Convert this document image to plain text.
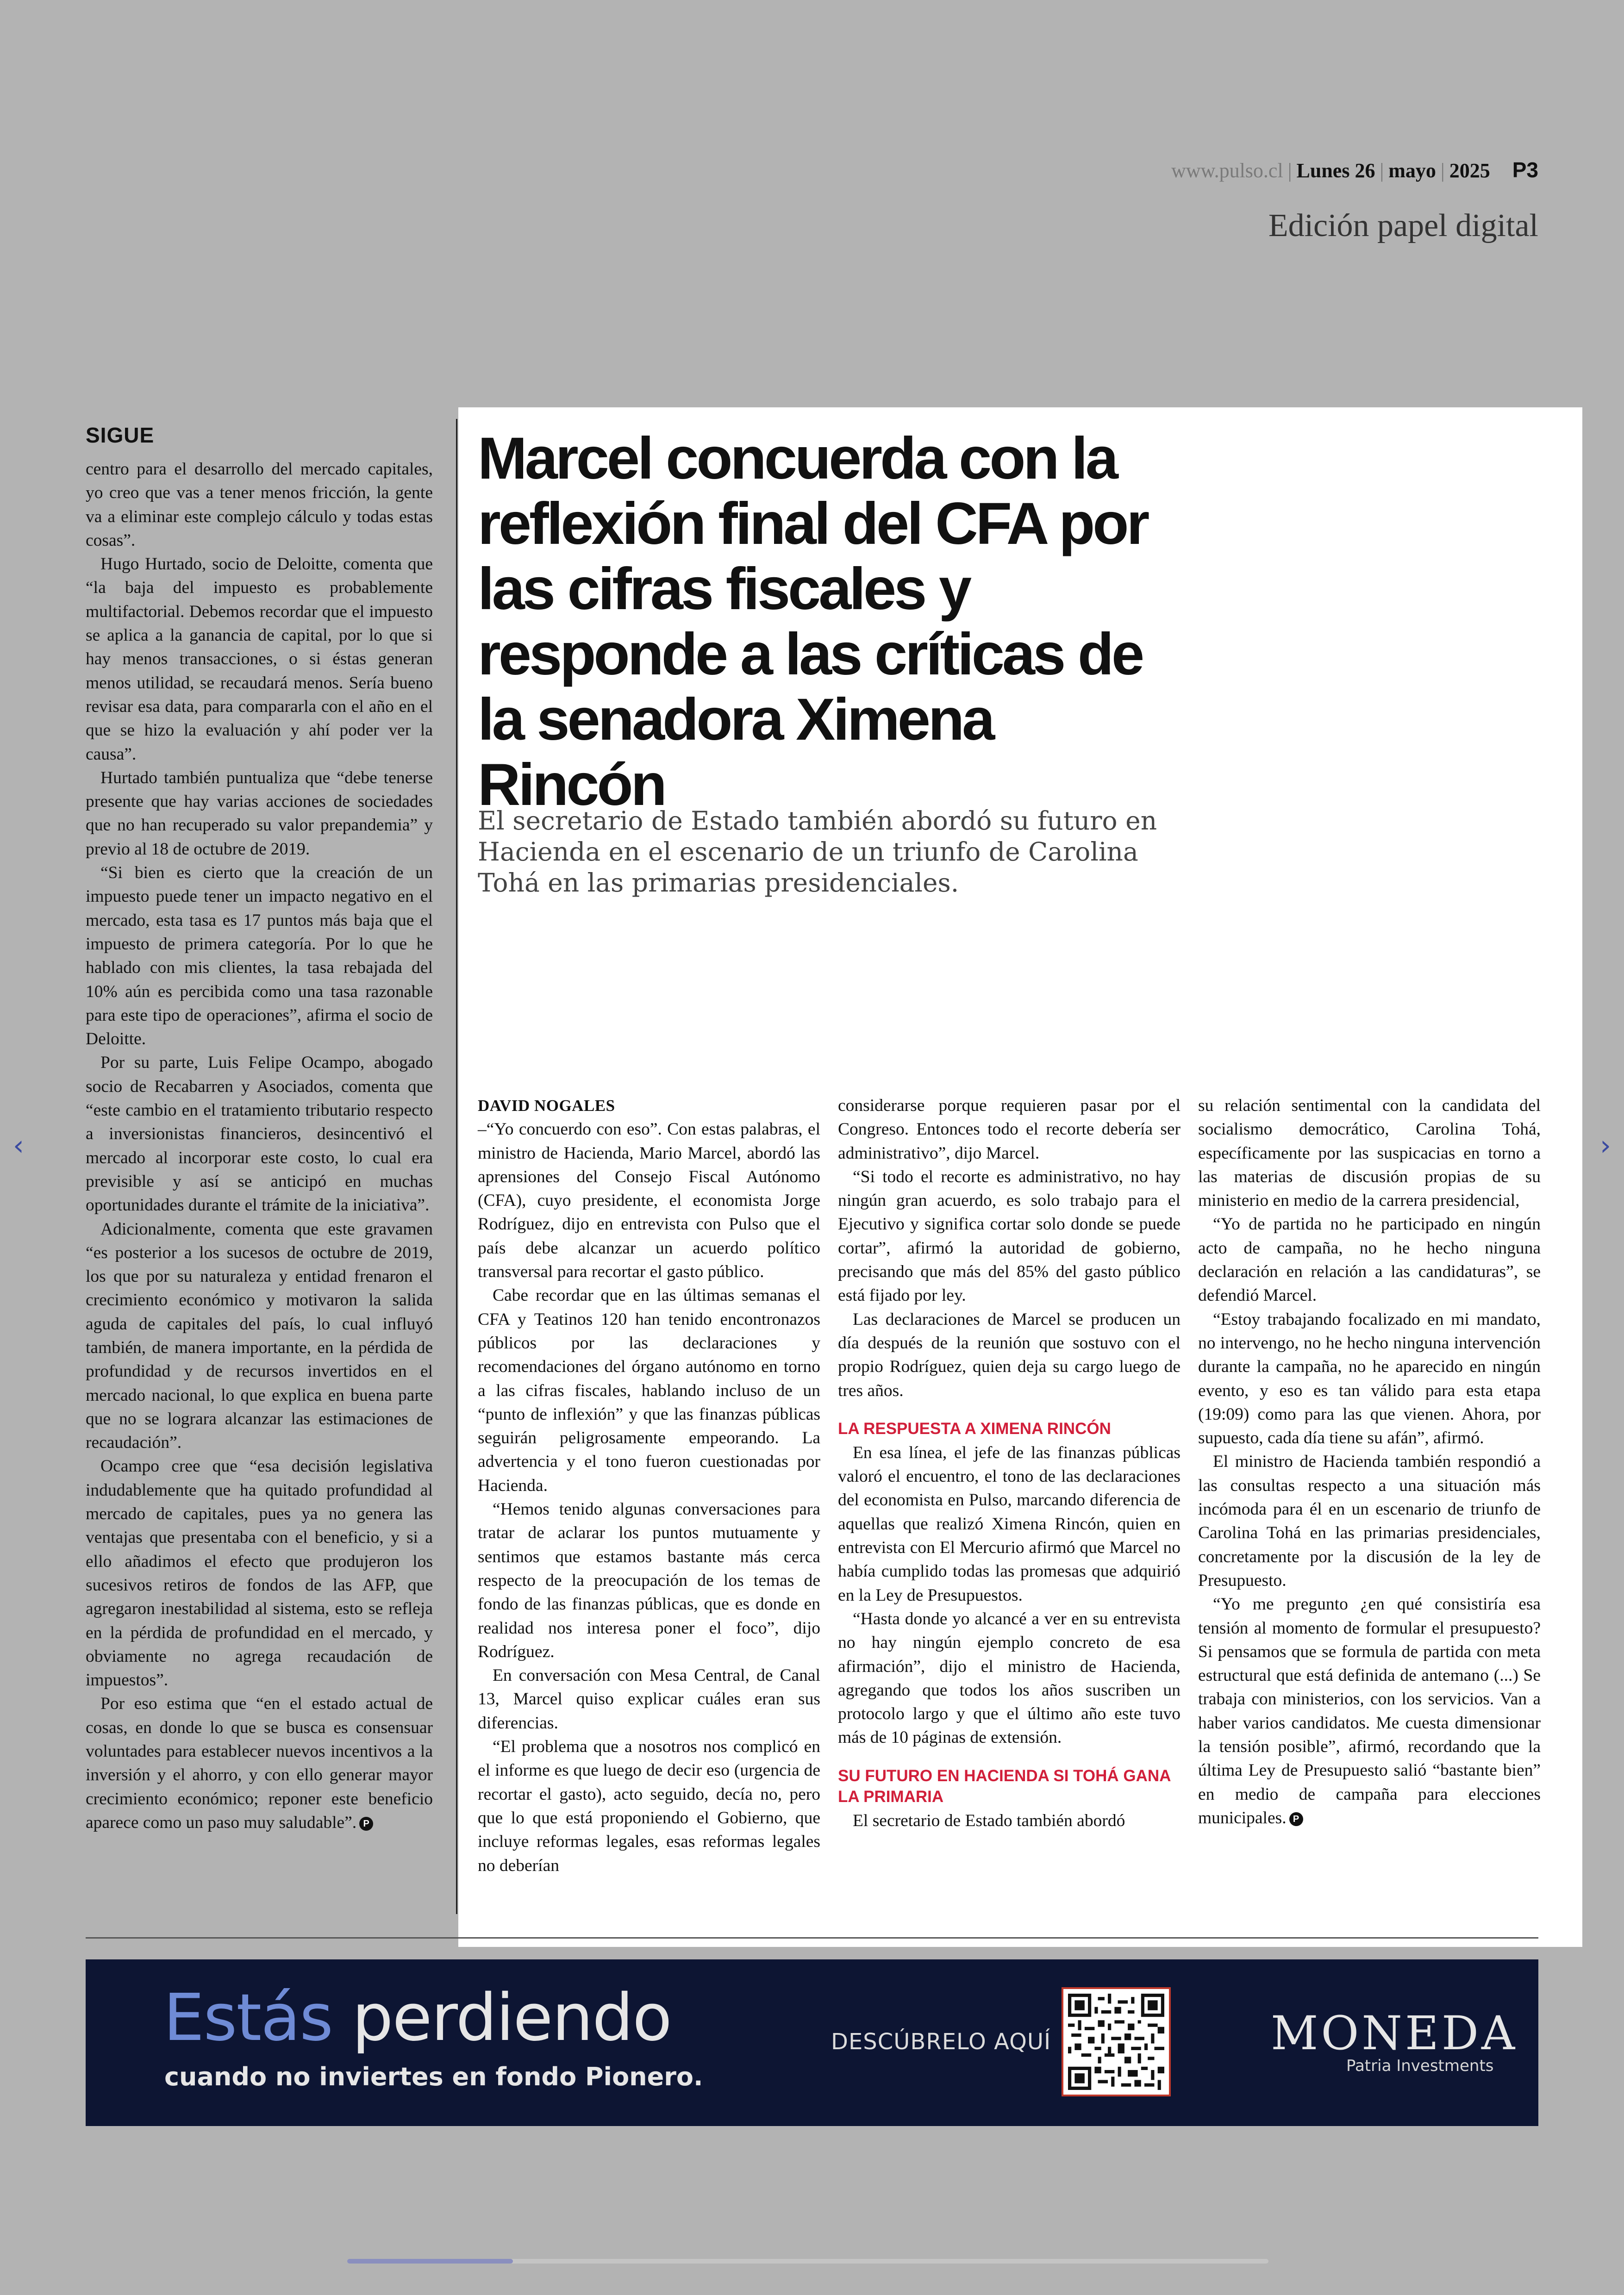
www.pulso.cl | Lunes 26 | mayo | 2025 P3
Edición papel digital
‹	›
SIGUE

centro para el desarrollo del mercado capitales, yo creo que vas a tener menos fricción, la gente va a eliminar este complejo cálculo y todas estas cosas”.

Hugo Hurtado, socio de Deloitte, comenta que “la baja del impuesto es probablemente multifactorial. Debemos recordar que el impuesto se aplica a la ganancia de capital, por lo que si hay menos transacciones, o si éstas generan menos utilidad, se recaudará menos. Sería bueno revisar esa data, para compararla con el año en el que se hizo la evaluación y ahí poder ver la causa”.

Hurtado también puntualiza que “debe tenerse presente que hay varias acciones de sociedades que no han recuperado su valor prepandemia” y previo al 18 de octubre de 2019.

“Si bien es cierto que la creación de un impuesto puede tener un impacto negativo en el mercado, esta tasa es 17 puntos más baja que el impuesto de primera categoría. Por lo que he hablado con mis clientes, la tasa rebajada del 10% aún es percibida como una tasa razonable para este tipo de operaciones”, afirma el socio de Deloitte.

Por su parte, Luis Felipe Ocampo, abogado socio de Recabarren y Asociados, comenta que “este cambio en el tratamiento tributario respecto a inversionistas financieros, desincentivó el mercado al incorporar este costo, lo cual era previsible y así se anticipó en muchas oportunidades durante el trámite de la iniciativa”.

Adicionalmente, comenta que este gravamen “es posterior a los sucesos de octubre de 2019, los que por su naturaleza y entidad frenaron el crecimiento económico y motivaron la salida aguda de capitales del país, lo cual influyó también, de manera importante, en la pérdida de profundidad y de recursos invertidos en el mercado nacional, lo que explica en buena parte que no se lograra alcanzar las estimaciones de recaudación”.

Ocampo cree que “esa decisión legislativa indudablemente que ha quitado profundidad al mercado de capitales, pues ya no genera las ventajas que presentaba con el beneficio, y si a ello añadimos el efecto que produjeron los sucesivos retiros de fondos de las AFP, que agregaron inestabilidad al sistema, esto se refleja en la pérdida de profundidad en el mercado, y obviamente no agrega recaudación de impuestos”.

Por eso estima que “en el estado actual de cosas, en donde lo que se busca es consensuar voluntades para establecer nuevos incentivos a la inversión y el ahorro, y con ello generar mayor crecimiento económico; reponer este beneficio aparece como un paso muy saludable”. P

Marcel concuerda con la reflexión final del CFA por las cifras fiscales y responde a las críticas de la senadora Ximena Rincón
El secretario de Estado también abordó su futuro en Hacienda en el escenario de un triunfo de Carolina Tohá en las primarias presidenciales.
DAVID NOGALES

–“Yo concuerdo con eso”. Con estas palabras, el ministro de Hacienda, Mario Marcel, abordó las aprensiones del Consejo Fiscal Autónomo (CFA), cuyo presidente, el economista Jorge Rodríguez, dijo en entrevista con Pulso que el país debe alcanzar un acuerdo político transversal para recortar el gasto público.

Cabe recordar que en las últimas semanas el CFA y Teatinos 120 han tenido encontronazos públicos por las declaraciones y recomendaciones del órgano autónomo en torno a las cifras fiscales, hablando incluso de un “punto de inflexión” y que las finanzas públicas seguirán peligrosamente empeorando. La advertencia y el tono fueron cuestionadas por Hacienda.

“Hemos tenido algunas conversaciones para tratar de aclarar los puntos mutuamente y sentimos que estamos bastante más cerca respecto de la preocupación de los temas de fondo de las finanzas públicas, que es donde en realidad nos interesa poner el foco”, dijo Rodríguez.

En conversación con Mesa Central, de Canal 13, Marcel quiso explicar cuáles eran sus diferencias.

“El problema que a nosotros nos complicó en el informe es que luego de decir eso (urgencia de recortar el gasto), acto seguido, decía no, pero que lo que está proponiendo el Gobierno, que incluye reformas legales, esas reformas legales no deberían

considerarse porque requieren pasar por el Congreso. Entonces todo el recorte debería ser administrativo”, dijo Marcel.

“Si todo el recorte es administrativo, no hay ningún gran acuerdo, es solo trabajo para el Ejecutivo y significa cortar solo donde se puede cortar”, afirmó la autoridad de gobierno, precisando que más del 85% del gasto público está fijado por ley.

Las declaraciones de Marcel se producen un día después de la reunión que sostuvo con el propio Rodríguez, quien deja su cargo luego de tres años.

LA RESPUESTA A XIMENA RINCÓN

En esa línea, el jefe de las finanzas públicas valoró el encuentro, el tono de las declaraciones del economista en Pulso, marcando diferencia de aquellas que realizó Ximena Rincón, quien en entrevista con El Mercurio afirmó que Marcel no había cumplido todas las promesas que adquirió en la Ley de Presupuestos.

“Hasta donde yo alcancé a ver en su entrevista no hay ningún ejemplo concreto de esa afirmación”, dijo el ministro de Hacienda, agregando que todos los años suscriben un protocolo largo y que el último año este tuvo más de 10 páginas de extensión.

SU FUTURO EN HACIENDA SI TOHÁ GANA LA PRIMARIA

El secretario de Estado también abordó

su relación sentimental con la candidata del socialismo democrático, Carolina Tohá, específicamente por las suspicacias en torno a las materias de discusión propias de su ministerio en medio de la carrera presidencial,

“Yo de partida no he participado en ningún acto de campaña, no he hecho ninguna declaración en relación a las candidaturas”, se defendió Marcel.

“Estoy trabajando focalizado en mi mandato, no intervengo, no he hecho ninguna intervención durante la campaña, no he aparecido en ningún evento, y eso es tan válido para esta etapa (19:09) como para las que vienen. Ahora, por supuesto, cada día tiene su afán”, afirmó.

El ministro de Hacienda también respondió a las consultas respecto a una situación más incómoda para él en un escenario de triunfo de Carolina Tohá en las primarias presidenciales, concretamente por la discusión de la ley de Presupuesto.

“Yo me pregunto ¿en qué consistiría esa tensión al momento de formular el presupuesto? Si pensamos que se formula de partida con meta estructural que está definida de antemano (...) Se trabaja con ministerios, con los servicios. Van a haber varios candidatos. Me cuesta dimensionar la tensión posible”, afirmó, recordando que la última Ley de Presupuesto salió “bastante bien” en medio de campaña para elecciones municipales. P

Estás perdiendo
cuando no inviertes en fondo Pionero.
DESCÚBRELO AQUÍ	MONEDA
Patria Investments
